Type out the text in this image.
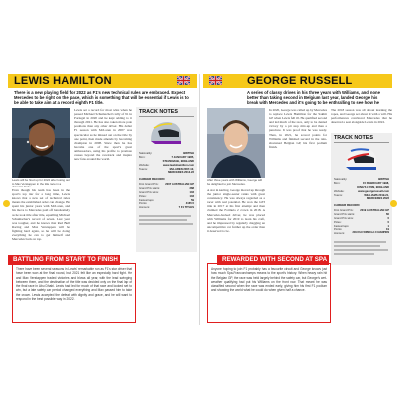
LEWIS HAMILTON
There is a new playing field for 2022 as F1's new technical rules are embraced. Expect Mercedes to be right on the pace, which is something that will be essential if Lewis is to be able to take aim at a record eighth F1 title.
Lewis will be fired up for 2022 after losing out to Max Verstappen in the title race in a
Even though his team has been in the sport's top tier for a long time, Lewis knows that a new set of technical rules means the established order can change. He spent his junior years with McLaren, and his move to Mercedes paid off handsomely as he took title after title, equalling Michael Schumacher's record of seven. Last year was tougher, and he knows that Red Bull Racing and Max Verstappen will be fighting hard again, so he will be doing everything he can to get himself and Mercedes back on top.
Lewis set a record for most wins when he passed Michael Schumacher's tally of 91 in Portugal in 2020 and he kept adding to it through 2021. He has also taken more pole positions than any other driver. His debut F1 season with McLaren in 2007 was spectacular as he missed out on the title by one point, then made amends by becoming champion in 2008. Since then he has become one of the sport's great ambassadors, using his profile to promote causes beyond the racetrack and inspire new fans around the world.
TRACK NOTES
Nationality:	BRITISH
Born:	7 JANUARY 1985,
STEVENAGE, ENGLAND
Website:	www.lewishamilton.com
Teams:	McLAREN 2007-12,
MERCEDES 2013-22
CAREER RECORD
First Grand Prix: 2007 AUSTRALIAN GP
Grand Prix starts:	288
Grand Prix wins:	103
Poles:	103
Fastest laps:	59
Points:	4165.5
Honours:	7 F1 TITLES
There have been several seasons in Lewis' remarkable run as F1's star driver that have been won at the final round, but 2021 felt like an especially hard fight. He and Max Verstappen traded victories and blows all year, with the lead swinging between them, and the destination of the title was decided only on the final lap of the final race in Abu Dhabi. Lewis had led for much of that race and looked set to win, but a late safety car period changed everything and Max passed him to take the crown. Lewis accepted the defeat with dignity and grace, and he will want to respond in the best possible way in 2022.
BATTLING FROM START TO FINISH
GEORGE RUSSELL
A series of classy drives in his three years with Williams, and none better than taking second in Belgium last year, landed George his break with Mercedes and it's going to be enthralling to see how he
After three years with Williams, George will be delighted to join Mercedes.
A star in karting, George moved up through the junior single-seater ranks with great consistency. He was always regarded as a racer with real potential. He won the GP3 title in 2017 at his first attempt and then claimed the Formula 2 crown in 2018. A Mercedes-backed driver, he was placed with Williams for 2019 to learn his craft, and he impressed by regularly dragging an uncompetitive car further up the order than it deserved to be.
In 2020, George was called up by Mercedes to replace Lewis Hamilton for the Sakhir GP when Lewis fell ill. He qualified second and led much of the race, only to be denied victory by a pit stop mix-up and then a puncture. It was proof that he was ready. Then, in 2021, he scored points for Williams and finished second in the rain-shortened Belgian GP, his first podium finish.
The 2018 season was all about learning the ropes, and George set about it with a will. His performances convinced Mercedes that he deserved a seat alongside Lewis in 2022.
TRACK NOTES
Nationality:	BRITISH
Born:	15 FEBRUARY 1998,
KING'S LYNN, ENGLAND
Website:	www.georgerussell.com
Teams:	WILLIAMS 2019-21,
MERCEDES 2022
CAREER RECORD
First Grand Prix: 2019 AUSTRALIAN GP
Grand Prix starts:	60
Grand Prix wins:	0
Poles:	0
Fastest laps:	1
Points:	19
Honours:	2018 FIA FORMULA 2 CHAMPION
Anyone hoping to join F1 probably has a favourite circuit and George knows just how much Spa-Francorchamps means to the sport's history. When heavy rain hit the Belgian GP, the race was held largely behind the safety car, but George's wet-weather qualifying had put his Williams on the front row. That meant he was classified second when the race was ended early, giving him his first F1 podium and showing the world what he could do when given half a chance.
REWARDED WITH SECOND AT SPA
